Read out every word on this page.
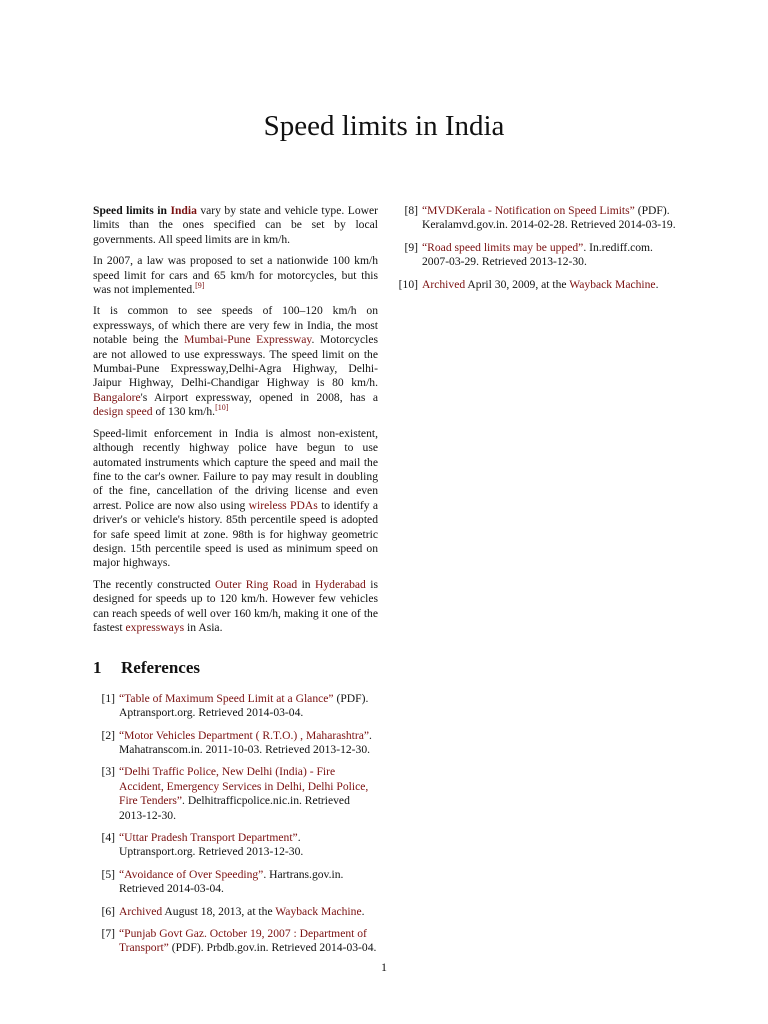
Speed limits in India

Speed limits in India vary by state and vehicle type. Lower limits than the ones specified can be set by local governments. All speed limits are in km/h.

In 2007, a law was proposed to set a nationwide 100 km/h speed limit for cars and 65 km/h for motorcycles, but this was not implemented.[9]

It is common to see speeds of 100–120 km/h on expressways, of which there are very few in India, the most notable being the Mumbai-Pune Expressway. Motorcycles are not allowed to use expressways. The speed limit on the Mumbai-Pune Expressway,Delhi-Agra Highway, Delhi- Jaipur Highway, Delhi-Chandigar Highway is 80 km/h. Bangalore's Airport expressway, opened in 2008, has a design speed of 130 km/h.[10]

Speed-limit enforcement in India is almost non-existent, although recently highway police have begun to use automated instruments which capture the speed and mail the fine to the car's owner. Failure to pay may result in doubling of the fine, cancellation of the driving license and even arrest. Police are now also using wireless PDAs to identify a driver's or vehicle's history. 85th percentile speed is adopted for safe speed limit at zone. 98th is for highway geometric design. 15th percentile speed is used as minimum speed on major highways.

The recently constructed Outer Ring Road in Hyderabad is designed for speeds up to 120 km/h. However few vehicles can reach speeds of well over 160 km/h, making it one of the fastest expressways in Asia.

1	References
[1] “Table of Maximum Speed Limit at a Glance” (PDF). Aptransport.org. Retrieved 2014-03-04.
[2] “Motor Vehicles Department ( R.T.O.) , Maharashtra”. Mahatranscom.in. 2011-10-03. Retrieved 2013-12-30.
[3] “Delhi Traffic Police, New Delhi (India) - Fire Accident, Emergency Services in Delhi, Delhi Police, Fire Tenders”. Delhitrafficpolice.nic.in. Retrieved 2013-12-30.
[4] “Uttar Pradesh Transport Department”. Uptransport.org. Retrieved 2013-12-30.
[5] “Avoidance of Over Speeding”. Hartrans.gov.in. Retrieved 2014-03-04.
[6] Archived August 18, 2013, at the Wayback Machine.
[7] “Punjab Govt Gaz. October 19, 2007 : Department of Transport” (PDF). Prbdb.gov.in. Retrieved 2014-03-04.
[8] “MVDKerala - Notification on Speed Limits” (PDF). Keralamvd.gov.in. 2014-02-28. Retrieved 2014-03-19.
[9] “Road speed limits may be upped”. In.rediff.com. 2007-03-29. Retrieved 2013-12-30.
[10] Archived April 30, 2009, at the Wayback Machine.
1
